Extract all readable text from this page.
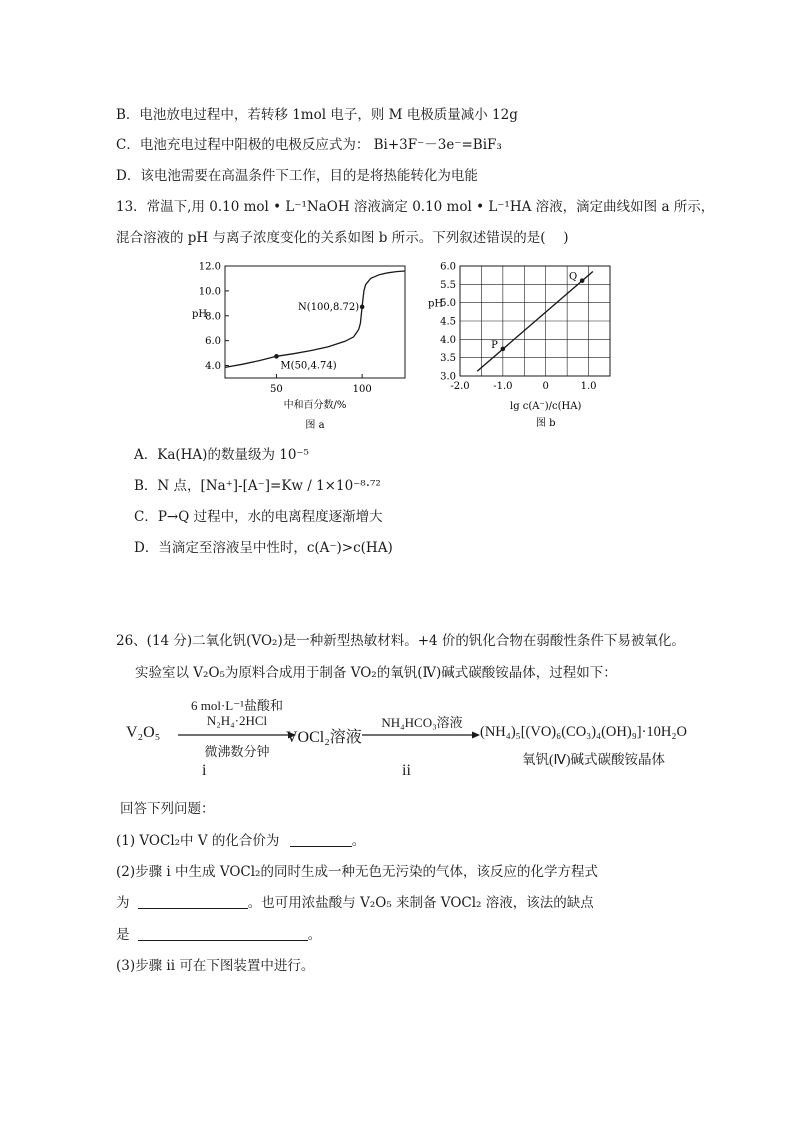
B．电池放电过程中，若转移 1mol 电子，则 M 电极质量减小 12g
C．电池充电过程中阳极的电极反应式为： Bi+3F⁻－3e⁻=BiF₃
D．该电池需要在高温条件下工作，目的是将热能转化为电能
13．常温下,用 0.10 mol • L⁻¹NaOH 溶液滴定 0.10 mol • L⁻¹HA 溶液，滴定曲线如图 a 所示，
混合溶液的 pH 与离子浓度变化的关系如图 b 所示。下列叙述错误的是(　 )
4.0
6.0
8.0
10.0
12.0
50	100
pH
中和百分数/%
图 a
M(50,4.74)
N(100,8.72)
3.0
3.5
4.0
4.5
5.0
5.5
6.0
-2.0 -1.0	0	1.0
pH
lg c(A⁻)/c(HA)
图 b
P
Q
A．Ka(HA)的数量级为 10⁻⁵
B．N 点，[Na⁺]-[A⁻]=Kw / 1×10⁻⁸·⁷²
C．P→Q 过程中，水的电离程度逐渐增大
D．当滴定至溶液呈中性时，c(A⁻)>c(HA)
26、(14 分)二氧化钒(VO₂)是一种新型热敏材料。+4 价的钒化合物在弱酸性条件下易被氧化。
实验室以 V₂O₅为原料合成用于制备 VO₂的氧钒(Ⅳ)碱式碳酸铵晶体，过程如下：
V₂O₅
6 mol·L⁻¹盐酸和
N₂H₄·2HCl
微沸数分钟
i
VOCl₂溶液
NH₄HCO₃溶液
ii
(NH₄)₅[(VO)₆(CO₃)₄(OH)₉]·10H₂O
氧钒(Ⅳ)碱式碳酸铵晶体
回答下列问题：
(1) VOCl₂中 V 的化合价为	。
(2)步骤 i 中生成 VOCl₂的同时生成一种无色无污染的气体，该反应的化学方程式
为	。也可用浓盐酸与 V₂O₅ 来制备 VOCl₂ 溶液，该法的缺点
是	。
(3)步骤 ii 可在下图装置中进行。
